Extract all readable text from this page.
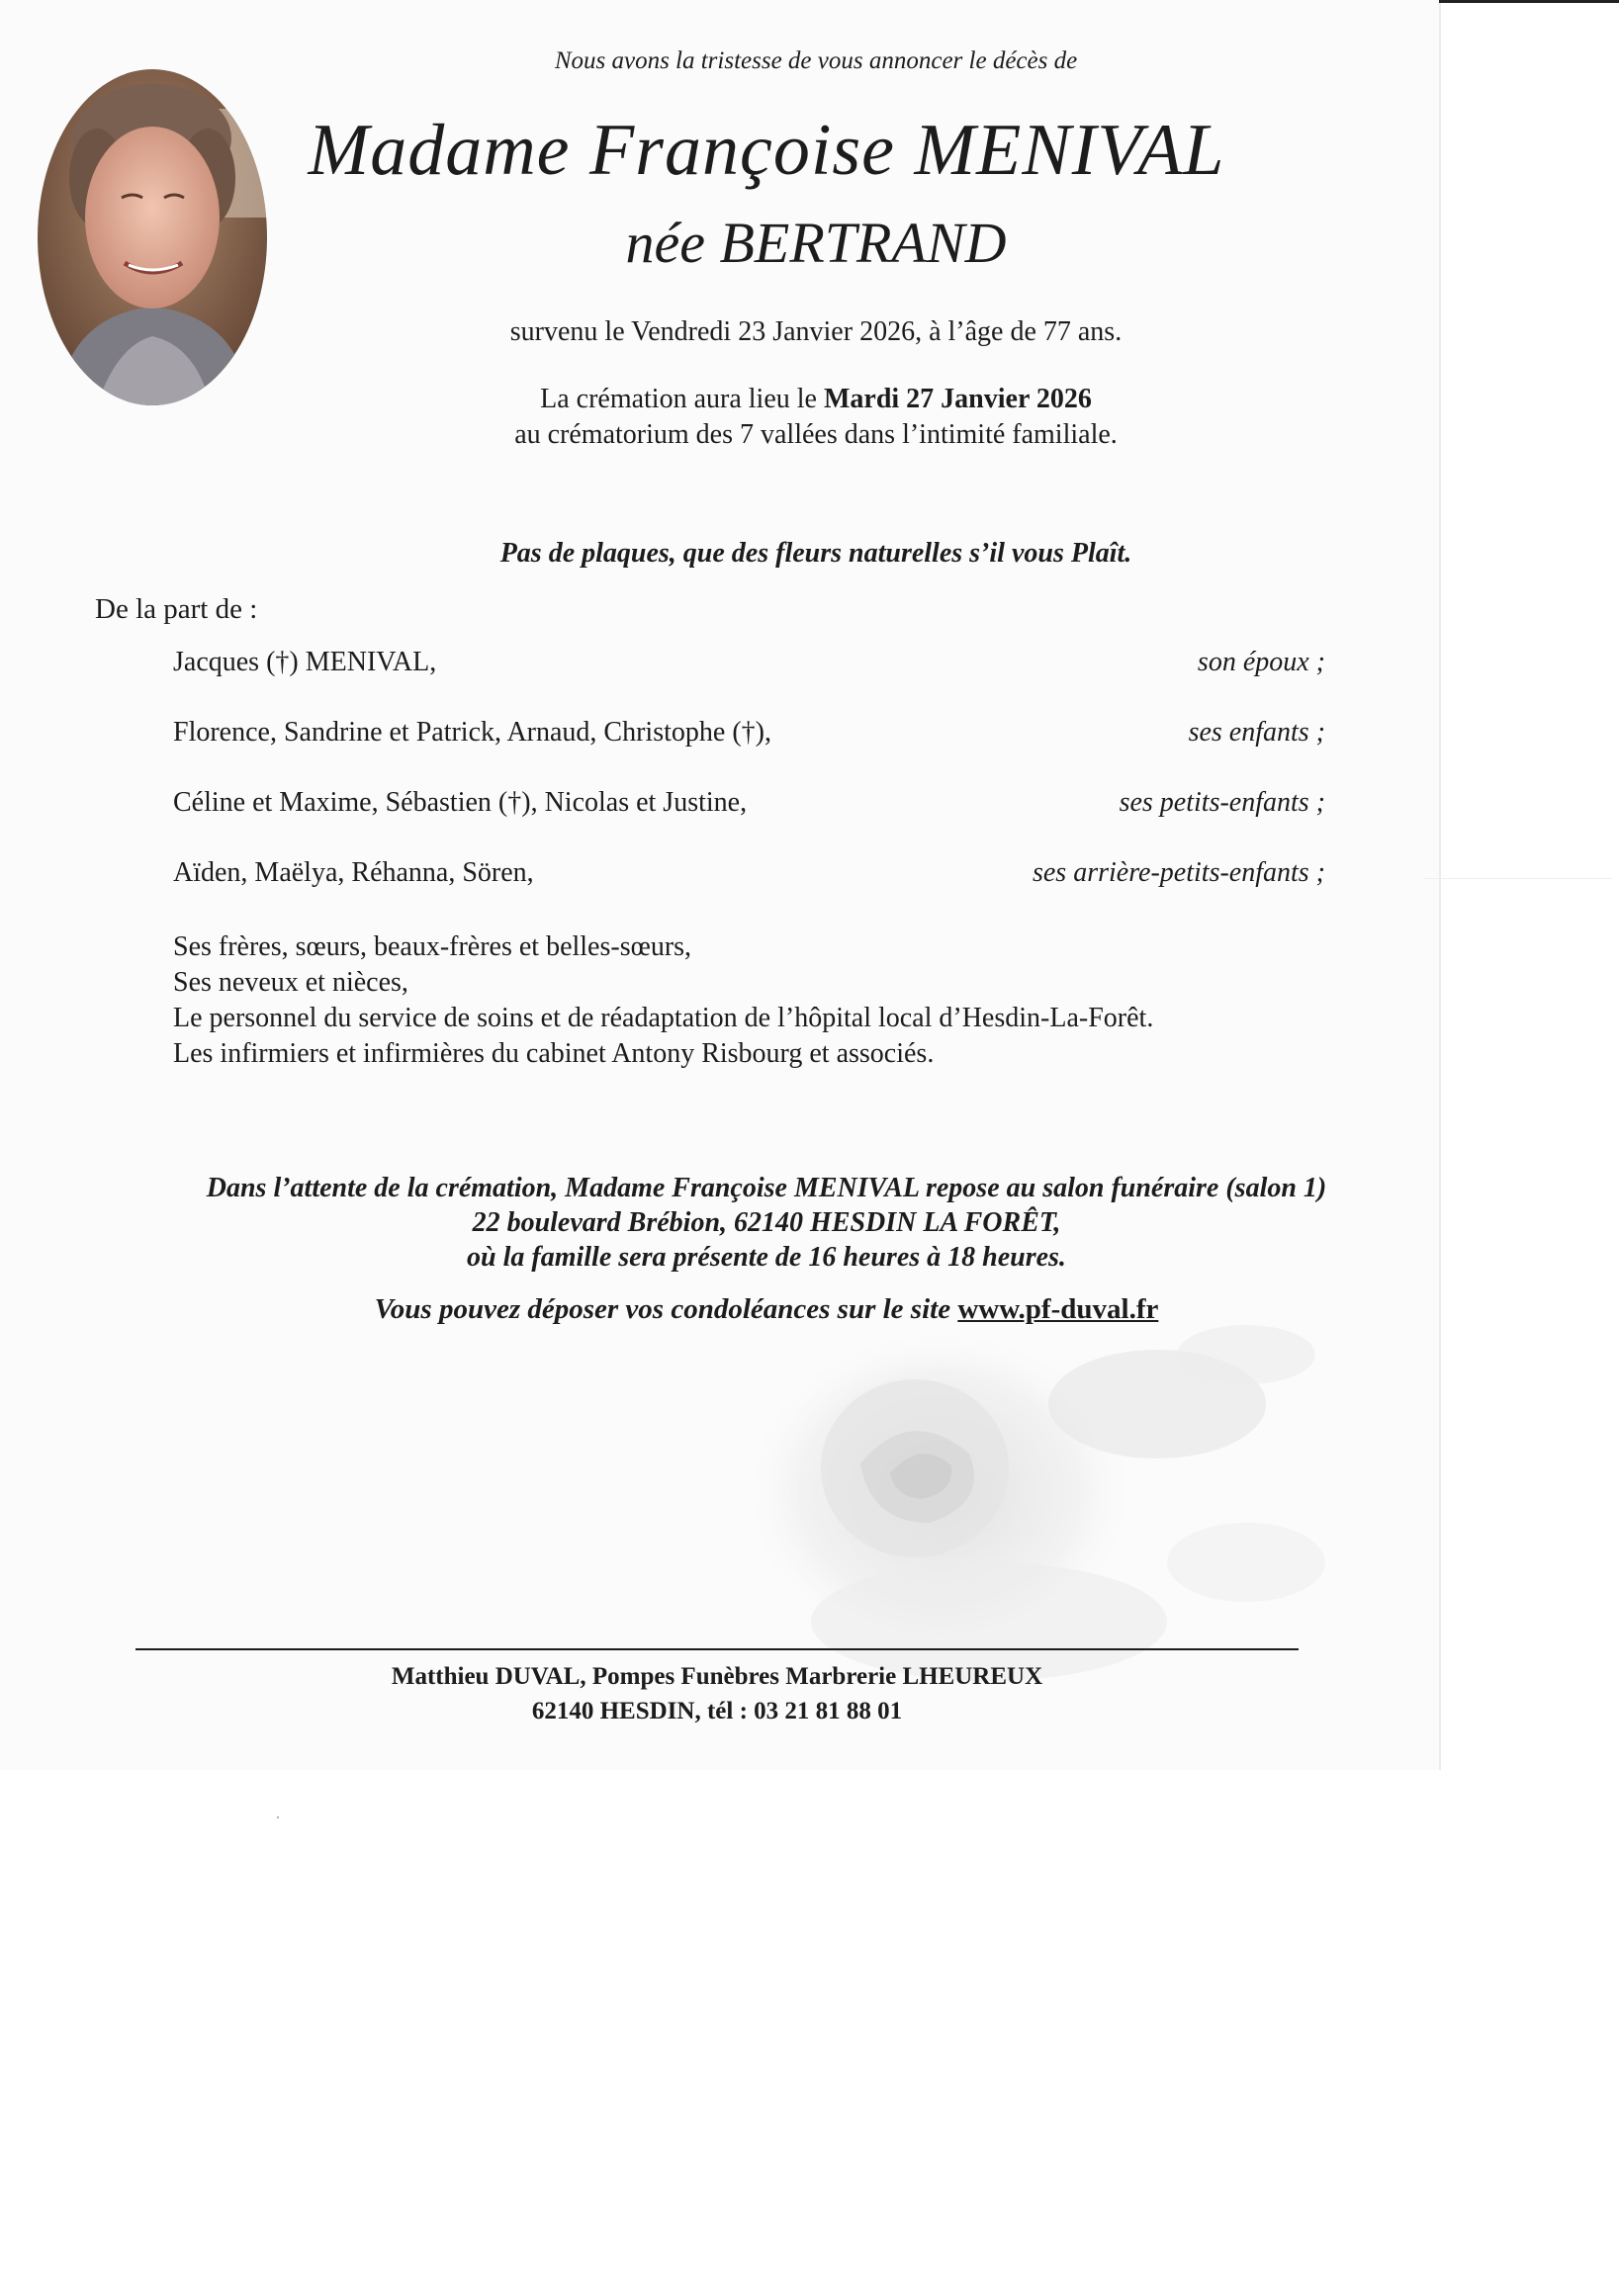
Nous avons la tristesse de vous annoncer le décès de
Madame Françoise MENIVAL
née BERTRAND
survenu le Vendredi 23 Janvier 2026, à l’âge de 77 ans.
La crémation aura lieu le Mardi 27 Janvier 2026
au crématorium des 7 vallées dans l’intimité familiale.
Pas de plaques, que des fleurs naturelles s’il vous Plaît.
De la part de :
Jacques (†) MENIVAL,	son époux ;
Florence, Sandrine et Patrick, Arnaud, Christophe (†),	ses enfants ;
Céline et Maxime, Sébastien (†), Nicolas et Justine,	ses petits-enfants ;
Aïden, Maëlya, Réhanna, Sören,	ses arrière-petits-enfants ;
Ses frères, sœurs, beaux-frères et belles-sœurs,
Ses neveux et nièces,
Le personnel du service de soins et de réadaptation de l’hôpital local d’Hesdin-La-Forêt.
Les infirmiers et infirmières du cabinet Antony Risbourg et associés.
Dans l’attente de la crémation, Madame Françoise MENIVAL repose au salon funéraire (salon 1)
22 boulevard Brébion, 62140 HESDIN LA FORÊT,
où la famille sera présente de 16 heures à 18 heures.
Vous pouvez déposer vos condoléances sur le site www.pf-duval.fr
Matthieu DUVAL, Pompes Funèbres Marbrerie LHEUREUX
62140 HESDIN, tél : 03 21 81 88 01
